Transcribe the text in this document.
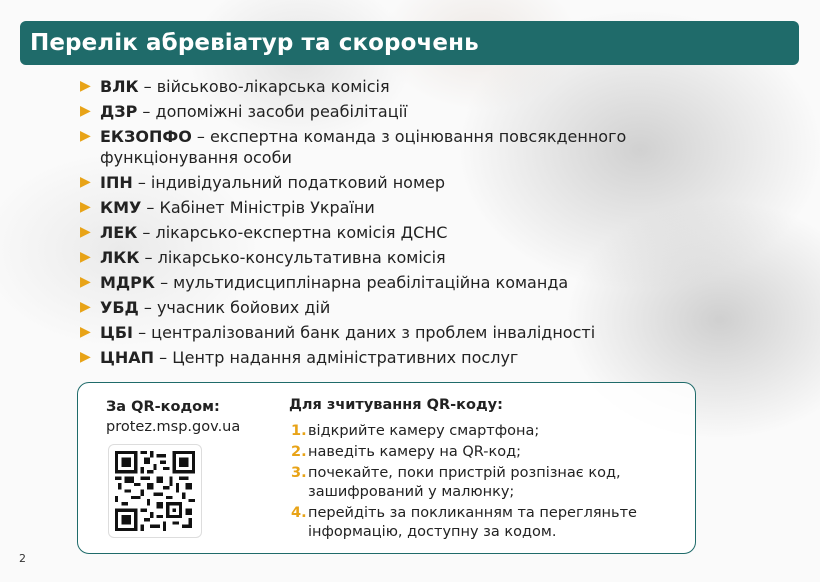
Перелік абревіатур та скорочень
▶ ВЛК – військово-лікарська комісія
▶ ДЗР – допоміжні засоби реабілітації
▶ ЕКЗОПФО – експертна команда з оцінювання повсякденного функціонування особи
▶ ІПН – індивідуальний податковий номер
▶ КМУ – Кабінет Міністрів України
▶ ЛЕК – лікарсько-експертна комісія ДСНС
▶ ЛКК – лікарсько-консультативна комісія
▶ МДРК – мультидисциплінарна реабілітаційна команда
▶ УБД – учасник бойових дій
▶ ЦБІ – централізований банк даних з проблем інвалідності
▶ ЦНАП – Центр надання адміністративних послуг
За QR-кодом:
protez.msp.gov.ua
Для зчитування QR-коду:
1. відкрийте камеру смартфона;
2. наведіть камеру на QR-код;
3. почекайте, поки пристрій розпізнає код, зашифрований у малюнку;
4. перейдіть за покликанням та перегляньте інформацію, доступну за кодом.
2
